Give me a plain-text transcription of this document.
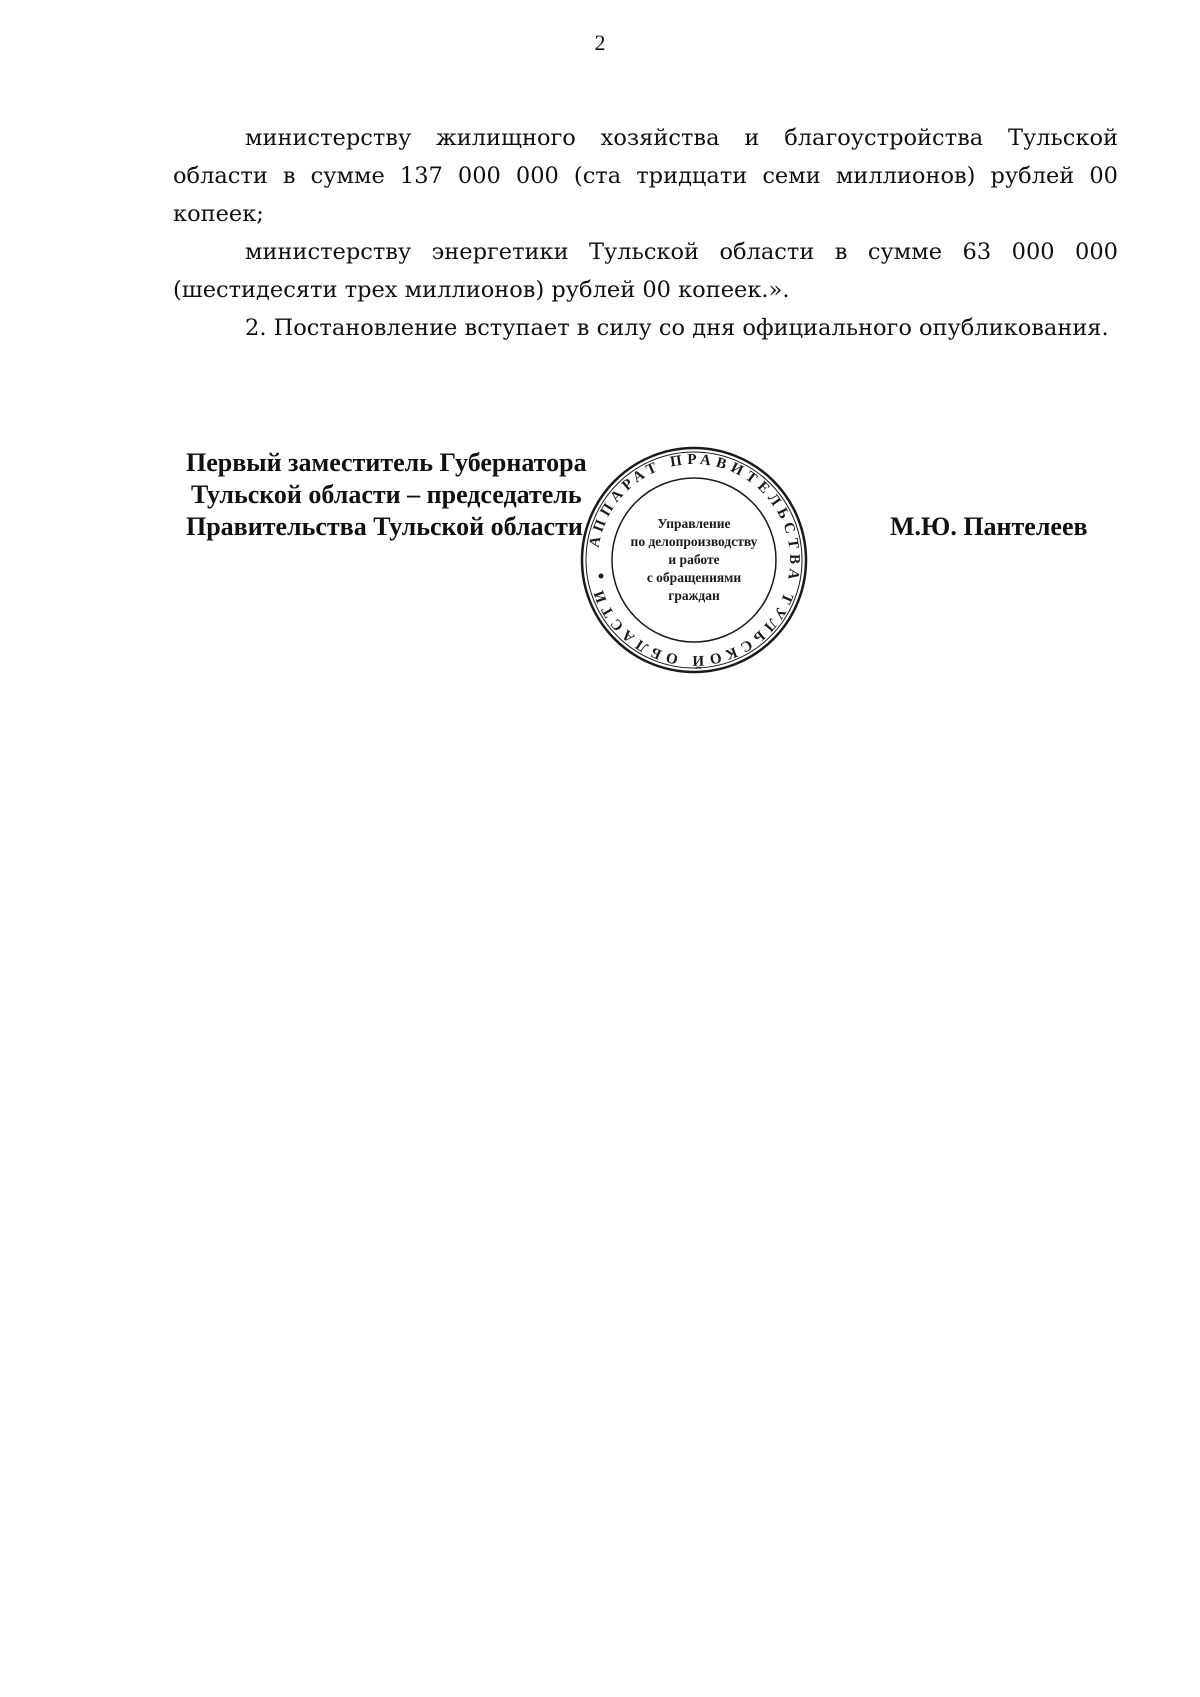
2

министерству жилищного хозяйства и благоустройства Тульской области в сумме 137 000 000 (ста тридцати семи миллионов) рублей 00 копеек;

министерству энергетики Тульской области в сумме 63 000 000 (шестидесяти трех миллионов) рублей 00 копеек.».

2. Постановление вступает в силу со дня официального опубликования.

Первый заместитель Губернатора
Тульской области – председатель
Правительства Тульской области	М.Ю. Пантелеев
АППАРАТ ПРАВИТЕЛЬСТВА ТУЛЬСКОЙ ОБЛАСТИ
Управление
по делопроизводству
и работе
с обращениями
граждан
